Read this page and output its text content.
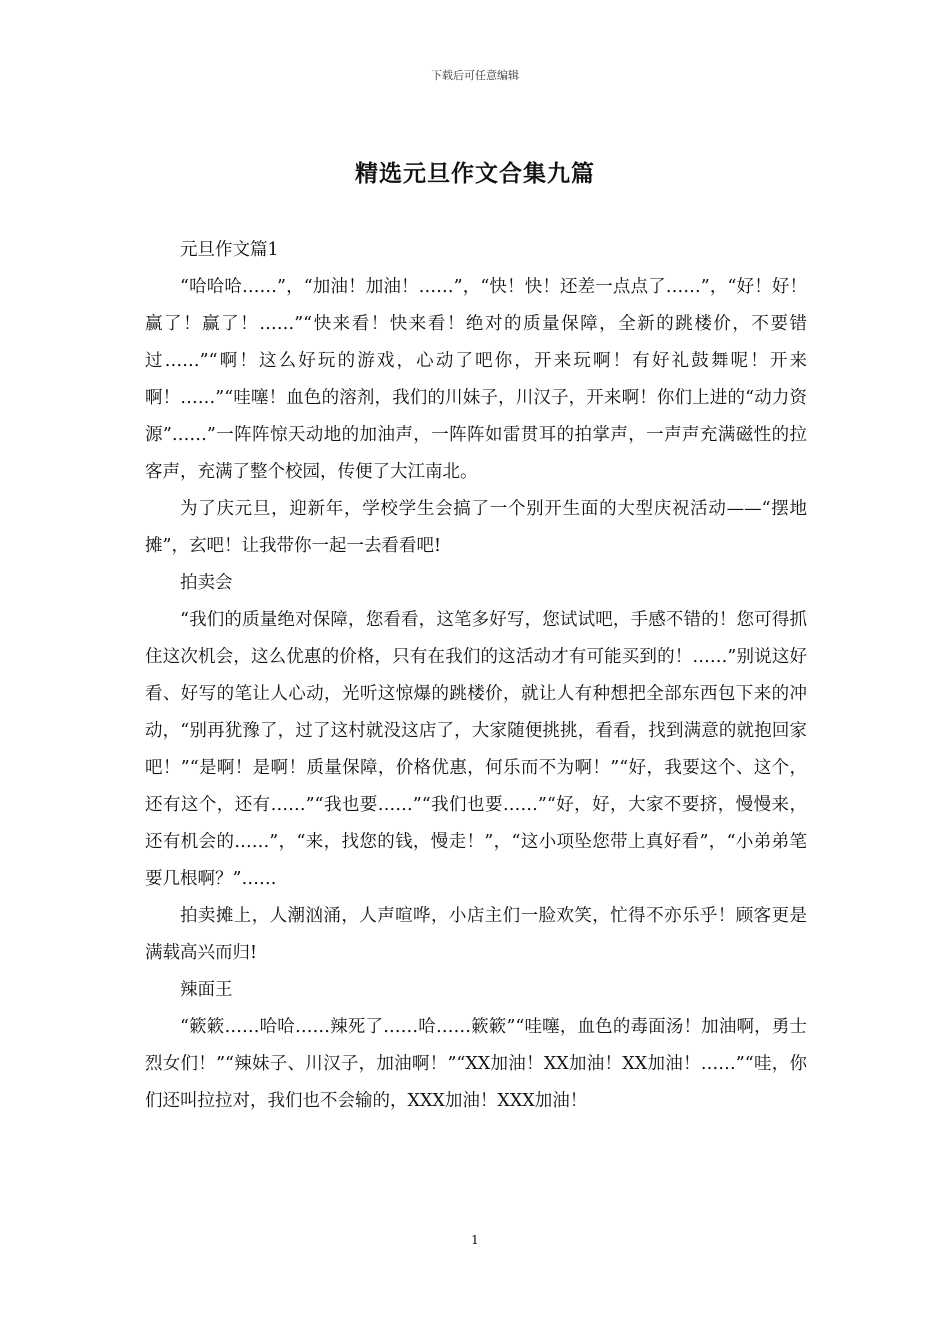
下载后可任意编辑
精选元旦作文合集九篇

元旦作文篇1

“哈哈哈……”，“加油！加油！……”，“快！快！还差一点点了……”，“好！好！赢了！赢了！……”“快来看！快来看！绝对的质量保障，全新的跳楼价，不要错过……”“啊！这么好玩的游戏，心动了吧你，开来玩啊！有好礼鼓舞呢！开来啊！……”“哇噻！血色的溶剂，我们的川妹子，川汉子，开来啊！你们上进的“动力资源”……”一阵阵惊天动地的加油声，一阵阵如雷贯耳的拍掌声，一声声充满磁性的拉客声，充满了整个校园，传便了大江南北。

为了庆元旦，迎新年，学校学生会搞了一个别开生面的大型庆祝活动——“摆地摊”，玄吧！让我带你一起一去看看吧!

拍卖会

“我们的质量绝对保障，您看看，这笔多好写，您试试吧，手感不错的！您可得抓住这次机会，这么优惠的价格，只有在我们的这活动才有可能买到的！……”别说这好看、好写的笔让人心动，光听这惊爆的跳楼价，就让人有种想把全部东西包下来的冲动，“别再犹豫了，过了这村就没这店了，大家随便挑挑，看看，找到满意的就抱回家吧！”“是啊！是啊！质量保障，价格优惠，何乐而不为啊！”“好，我要这个、这个，还有这个，还有……”“我也要……”“我们也要……”“好，好，大家不要挤，慢慢来，还有机会的……”，“来，找您的钱，慢走！”，“这小项坠您带上真好看”，“小弟弟笔要几根啊？”……

拍卖摊上，人潮汹涌，人声喧哗，小店主们一脸欢笑，忙得不亦乐乎！顾客更是满载高兴而归!

辣面王

“簌簌……哈哈……辣死了……哈……簌簌”“哇噻，血色的毒面汤！加油啊，勇士烈女们！”“辣妹子、川汉子，加油啊！”“XX加油！XX加油！XX加油！……”“哇，你们还叫拉拉对，我们也不会输的，XXX加油！XXX加油！

1
